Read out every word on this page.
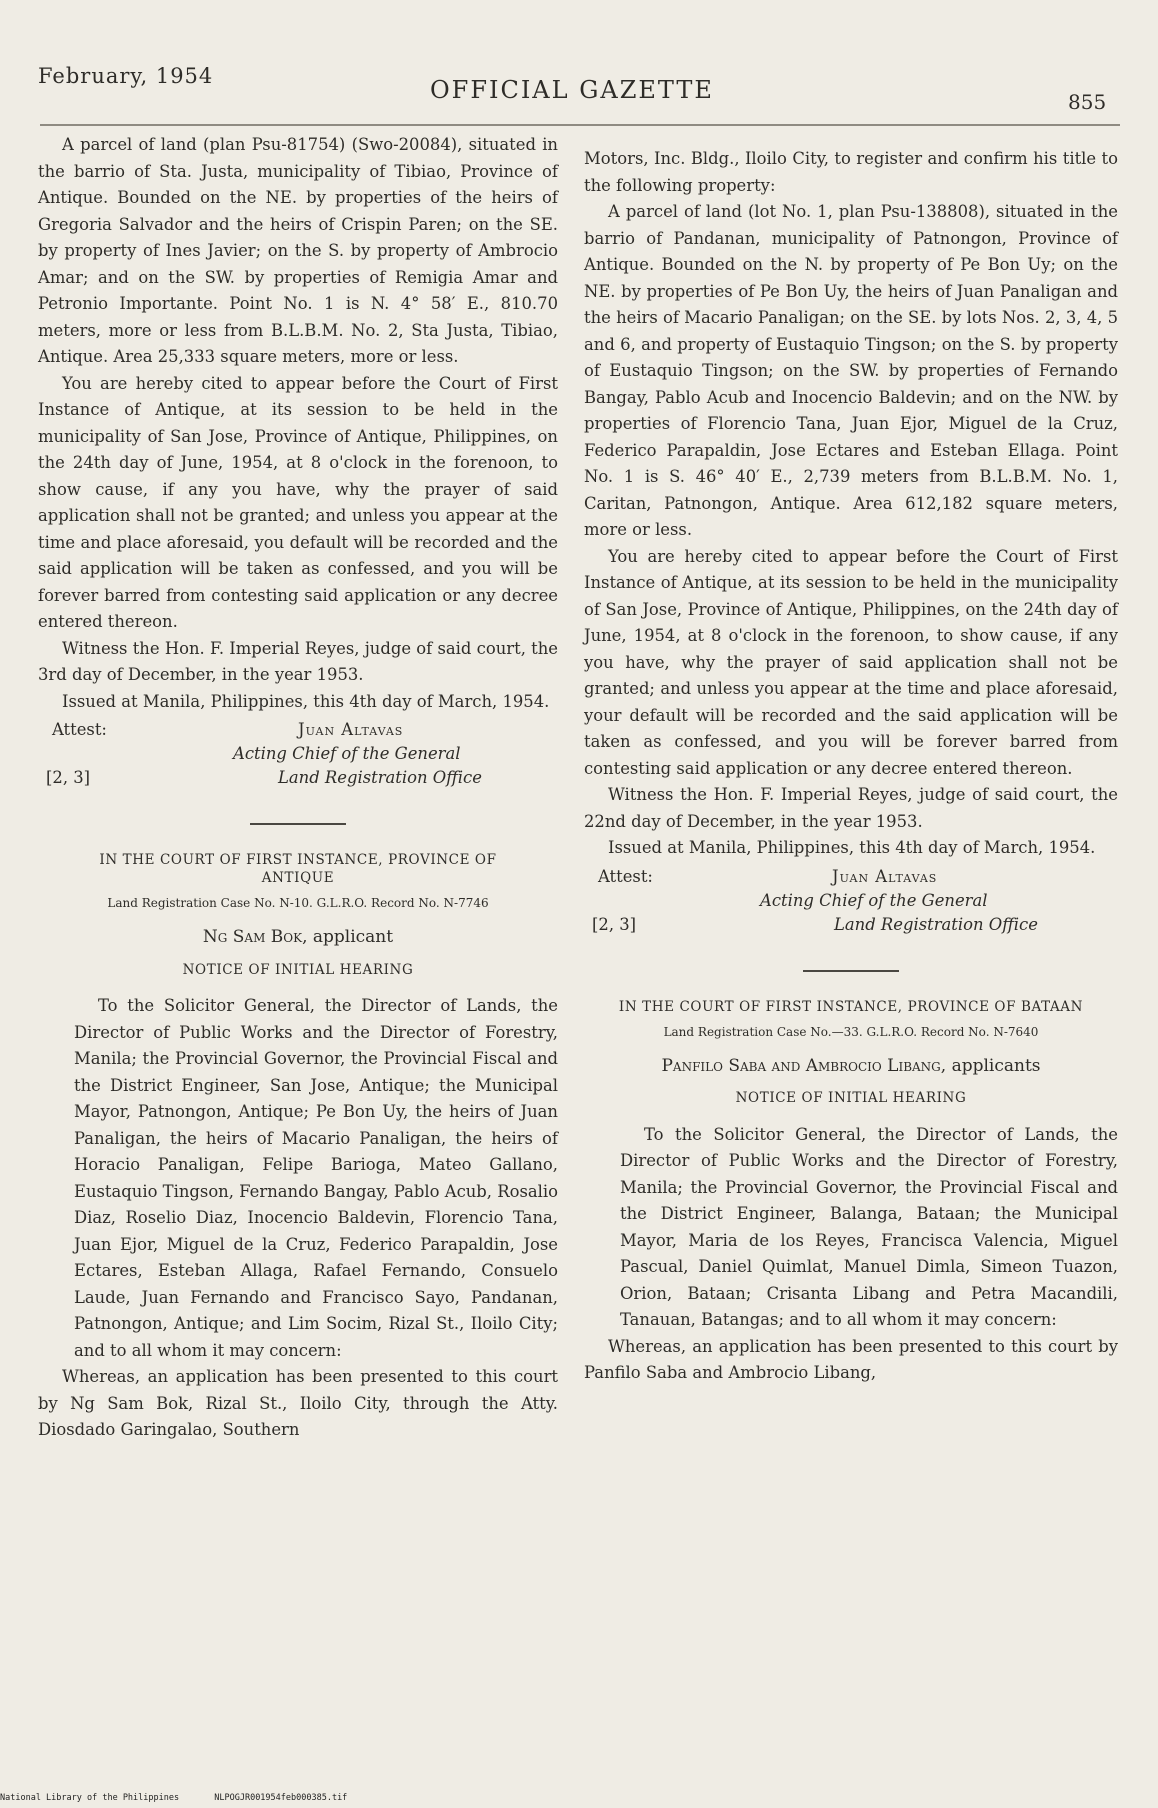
February, 1954	OFFICIAL GAZETTE	855

A parcel of land (plan Psu-81754) (Swo-20084), situated in the barrio of Sta. Justa, municipality of Tibiao, Province of Antique. Bounded on the NE. by properties of the heirs of Gregoria Salvador and the heirs of Crispin Paren; on the SE. by property of Ines Javier; on the S. by property of Ambrocio Amar; and on the SW. by properties of Remigia Amar and Petronio Importante. Point No. 1 is N. 4° 58′ E., 810.70 meters, more or less from B.L.B.M. No. 2, Sta Justa, Tibiao, Antique. Area 25,333 square meters, more or less.

You are hereby cited to appear before the Court of First Instance of Antique, at its session to be held in the municipality of San Jose, Province of Antique, Philippines, on the 24th day of June, 1954, at 8 o'clock in the forenoon, to show cause, if any you have, why the prayer of said application shall not be granted; and unless you appear at the time and place aforesaid, you default will be recorded and the said application will be taken as confessed, and you will be forever barred from contesting said application or any decree entered thereon.

Witness the Hon. F. Imperial Reyes, judge of said court, the 3rd day of December, in the year 1953.

Issued at Manila, Philippines, this 4th day of March, 1954.

Attest:	Juan Altavas
Acting Chief of the General
[2, 3]	Land Registration Office
IN THE COURT OF FIRST INSTANCE, PROVINCE OF ANTIQUE
Land Registration Case No. N-10. G.L.R.O. Record No. N-7746
Ng Sam Bok, applicant
NOTICE OF INITIAL HEARING

To the Solicitor General, the Director of Lands, the Director of Public Works and the Director of Forestry, Manila; the Provincial Governor, the Provincial Fiscal and the District Engineer, San Jose, Antique; the Municipal Mayor, Patnongon, Antique; Pe Bon Uy, the heirs of Juan Panaligan, the heirs of Macario Panaligan, the heirs of Horacio Panaligan, Felipe Barioga, Mateo Gallano, Eustaquio Tingson, Fernando Bangay, Pablo Acub, Rosalio Diaz, Roselio Diaz, Inocencio Baldevin, Florencio Tana, Juan Ejor, Miguel de la Cruz, Federico Parapaldin, Jose Ectares, Esteban Allaga, Rafael Fernando, Consuelo Laude, Juan Fernando and Francisco Sayo, Pandanan, Patnongon, Antique; and Lim Socim, Rizal St., Iloilo City; and to all whom it may concern:

Whereas, an application has been presented to this court by Ng Sam Bok, Rizal St., Iloilo City, through the Atty. Diosdado Garingalao, Southern

Motors, Inc. Bldg., Iloilo City, to register and confirm his title to the following property:

A parcel of land (lot No. 1, plan Psu-138808), situated in the barrio of Pandanan, municipality of Patnongon, Province of Antique. Bounded on the N. by property of Pe Bon Uy; on the NE. by properties of Pe Bon Uy, the heirs of Juan Panaligan and the heirs of Macario Panaligan; on the SE. by lots Nos. 2, 3, 4, 5 and 6, and property of Eustaquio Tingson; on the S. by property of Eustaquio Tingson; on the SW. by properties of Fernando Bangay, Pablo Acub and Inocencio Baldevin; and on the NW. by properties of Florencio Tana, Juan Ejor, Miguel de la Cruz, Federico Parapaldin, Jose Ectares and Esteban Ellaga. Point No. 1 is S. 46° 40′ E., 2,739 meters from B.L.B.M. No. 1, Caritan, Patnongon, Antique. Area 612,182 square meters, more or less.

You are hereby cited to appear before the Court of First Instance of Antique, at its session to be held in the municipality of San Jose, Province of Antique, Philippines, on the 24th day of June, 1954, at 8 o'clock in the forenoon, to show cause, if any you have, why the prayer of said application shall not be granted; and unless you appear at the time and place aforesaid, your default will be recorded and the said application will be taken as confessed, and you will be forever barred from contesting said application or any decree entered thereon.

Witness the Hon. F. Imperial Reyes, judge of said court, the 22nd day of December, in the year 1953.

Issued at Manila, Philippines, this 4th day of March, 1954.

Attest:	Juan Altavas
Acting Chief of the General
[2, 3]	Land Registration Office
IN THE COURT OF FIRST INSTANCE, PROVINCE OF BATAAN
Land Registration Case No.—33. G.L.R.O. Record No. N-7640
Panfilo Saba and Ambrocio Libang, applicants
NOTICE OF INITIAL HEARING

To the Solicitor General, the Director of Lands, the Director of Public Works and the Director of Forestry, Manila; the Provincial Governor, the Provincial Fiscal and the District Engineer, Balanga, Bataan; the Municipal Mayor, Maria de los Reyes, Francisca Valencia, Miguel Pascual, Daniel Quimlat, Manuel Dimla, Simeon Tuazon, Orion, Bataan; Crisanta Libang and Petra Macandili, Tanauan, Batangas; and to all whom it may concern:

Whereas, an application has been presented to this court by Panfilo Saba and Ambrocio Libang,

National Library of the Philippines	NLPOGJR001954feb000385.tif
